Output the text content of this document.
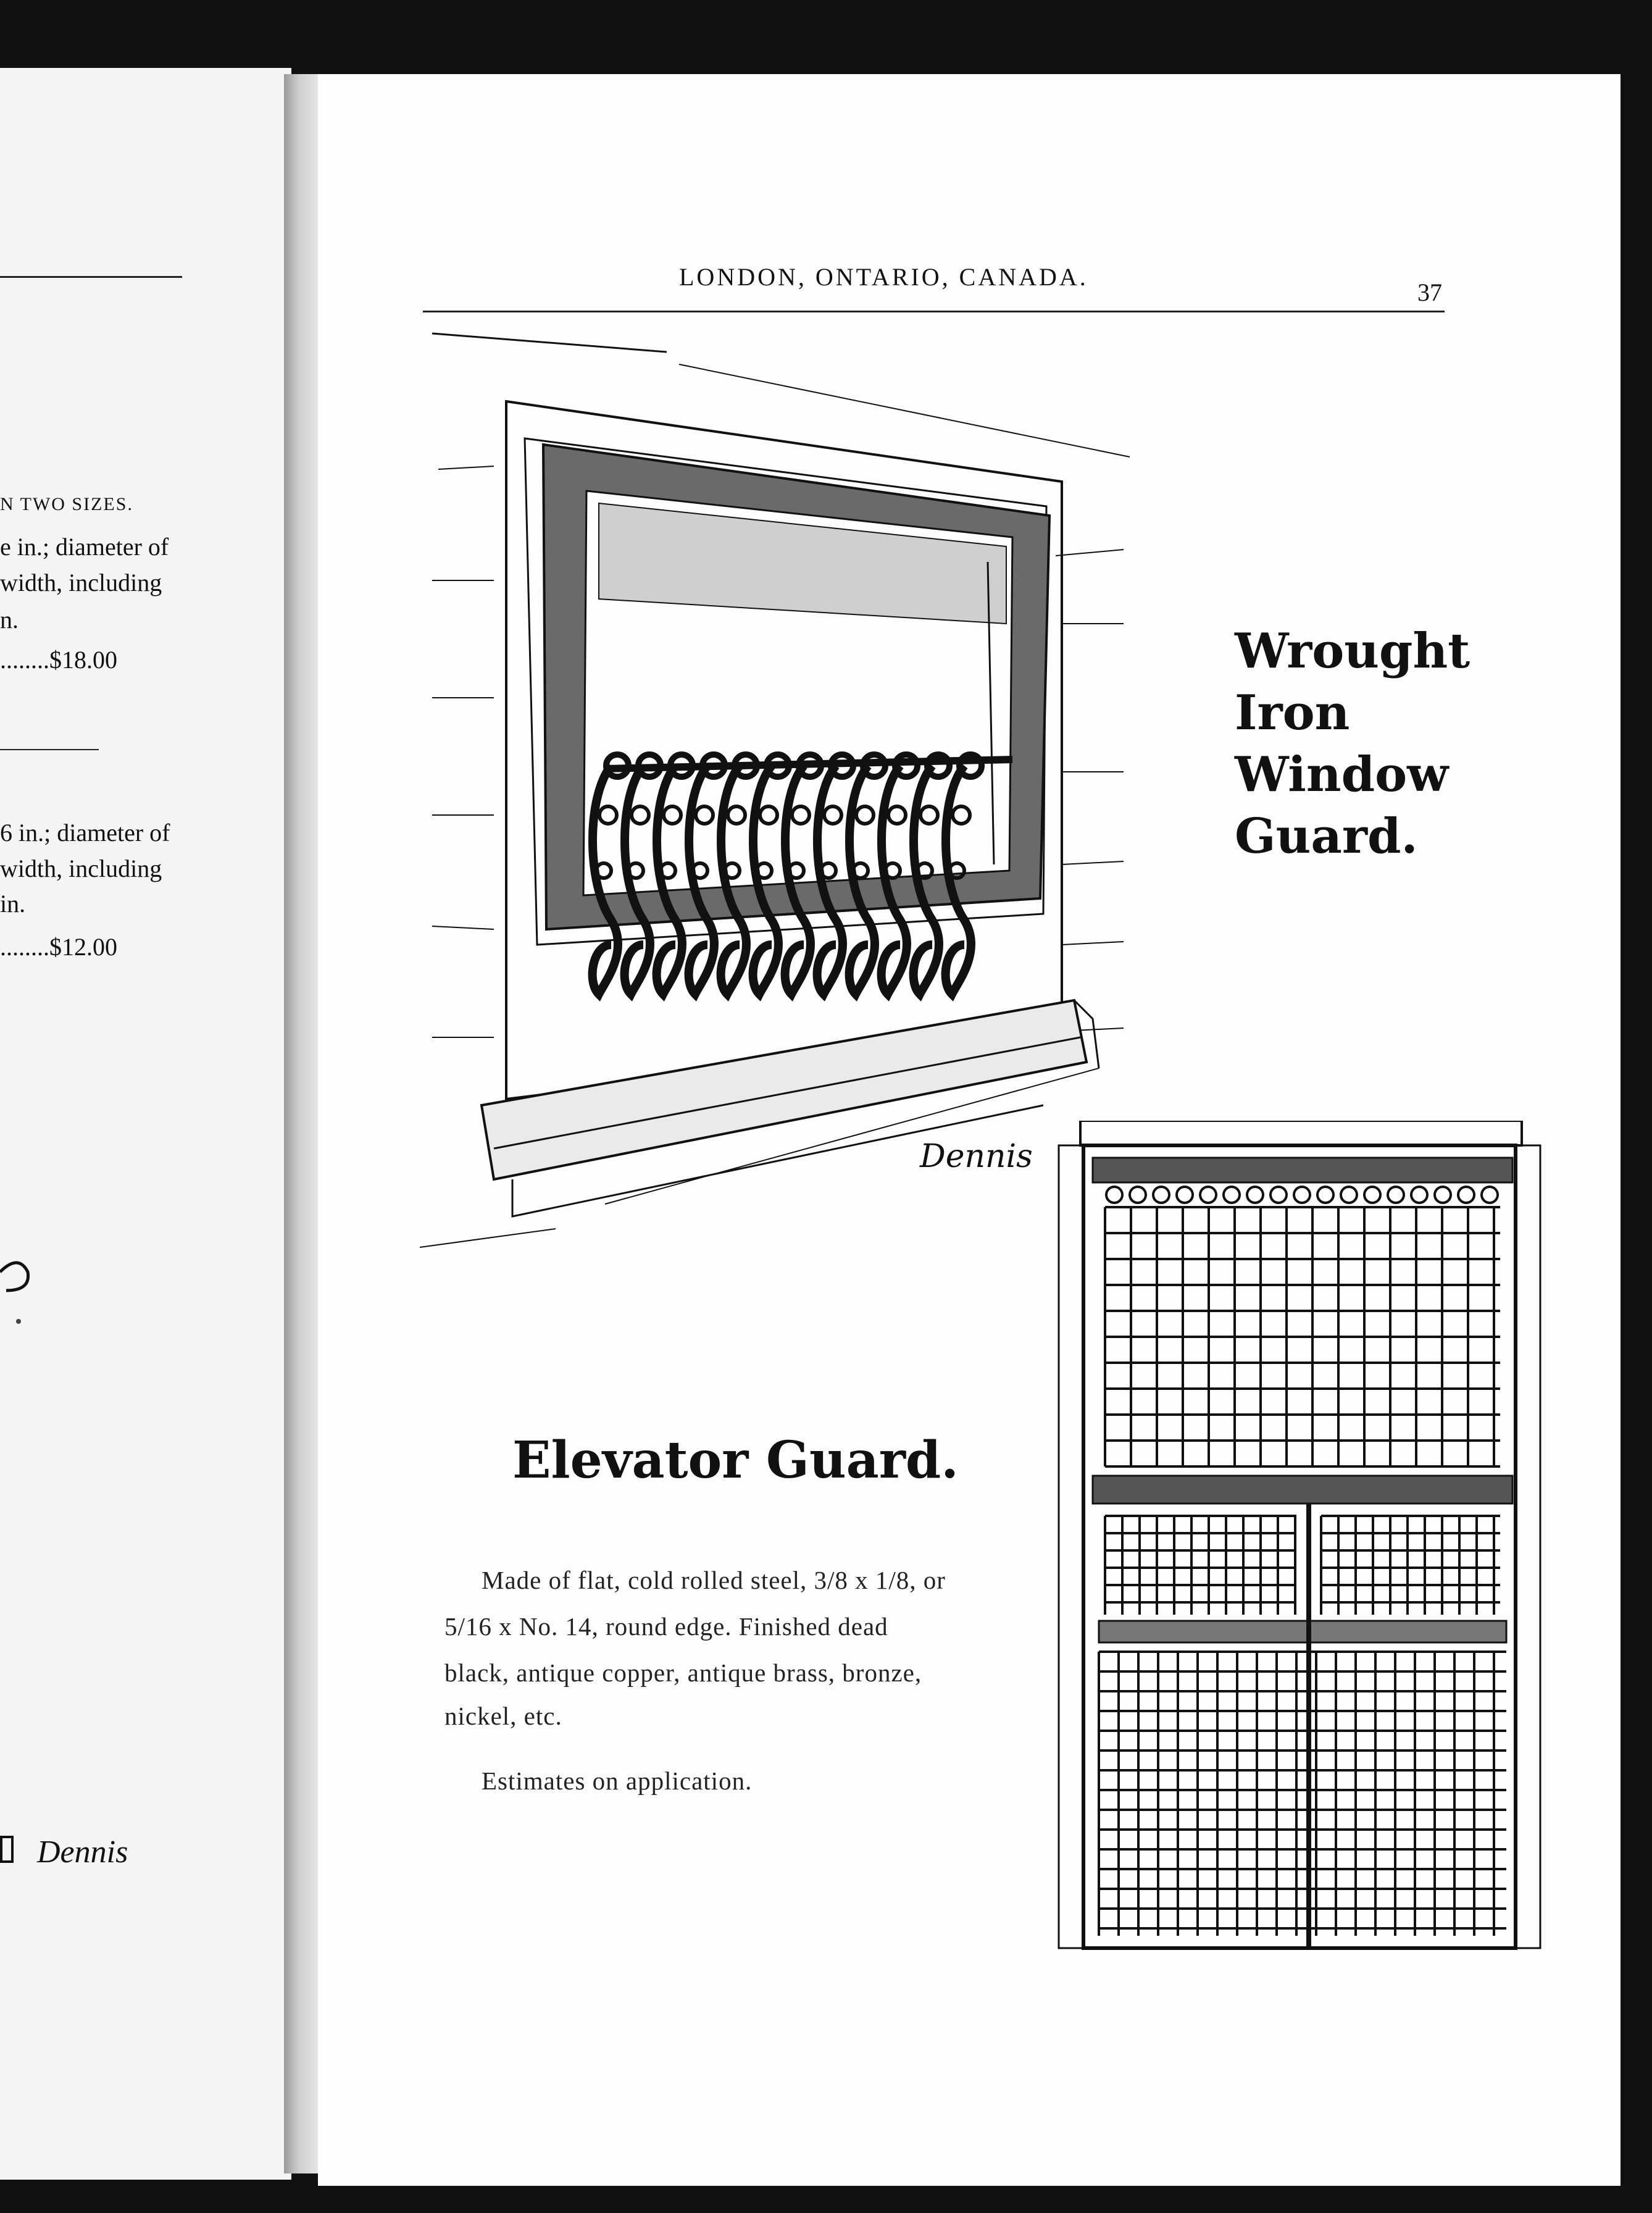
N TWO SIZES.
e in.; diameter of
width, including
n.
........$18.00
6 in.; diameter of
width, including
in.
........$12.00
Dennis
LONDON, ONTARIO, CANADA.
37
Dennis
Wrought
Iron
Window
Guard.
Elevator Guard.
Made of flat, cold rolled steel, 3/8 x 1/8, or
5/16 x No. 14, round edge. Finished dead
black, antique copper, antique brass, bronze,
nickel, etc.
Estimates on application.
